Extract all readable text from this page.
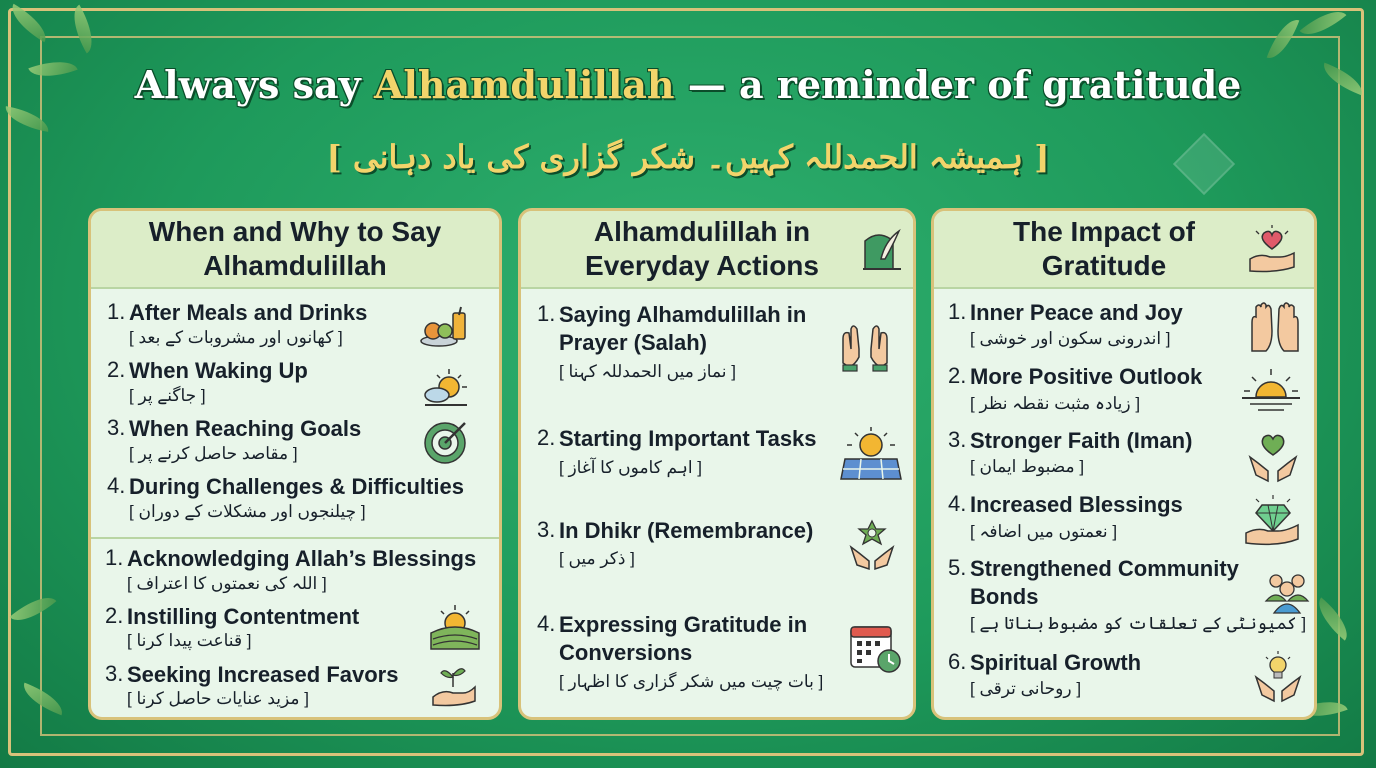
Always say Alhamdulillah — a reminder of gratitude
[ ہمیشہ الحمدللہ کہیں۔ شکر گزاری کی یاد دہانی ]
When and Why to Say Alhamdulillah
1. After Meals and Drinks
[ کھانوں اور مشروبات کے بعد ]
2. When Waking Up
[ جاگنے پر ]
3. When Reaching Goals
[ مقاصد حاصل کرنے پر ]
4. During Challenges & Difficulties
[ چیلنجوں اور مشکلات کے دوران ]
1. Acknowledging Allah’s Blessings
[ اللہ کی نعمتوں کا اعتراف ]
2. Instilling Contentment
[ قناعت پیدا کرنا ]
3. Seeking Increased Favors
[ مزید عنایات حاصل کرنا ]
Alhamdulillah in Everyday Actions
1. Saying Alhamdulillah in Prayer (Salah)
[ نماز میں الحمدللہ کہنا ]
2. Starting Important Tasks
[ اہم کاموں کا آغاز ]
3. In Dhikr (Remembrance)
[ ذکر میں ]
4. Expressing Gratitude in Conversions
[ بات چیت میں شکر گزاری کا اظہار ]
The Impact of Gratitude
1. Inner Peace and Joy
[ اندرونی سکون اور خوشی ]
2. More Positive Outlook
[ زیادہ مثبت نقطہ نظر ]
3. Stronger Faith (Iman)
[ مضبوط ایمان ]
4. Increased Blessings
[ نعمتوں میں اضافہ ]
5. Strengthened Community Bonds
[ کمیونٹی کے تعلقات کو مضبوط بناتا ہے ]
6. Spiritual Growth
[ روحانی ترقی ]
